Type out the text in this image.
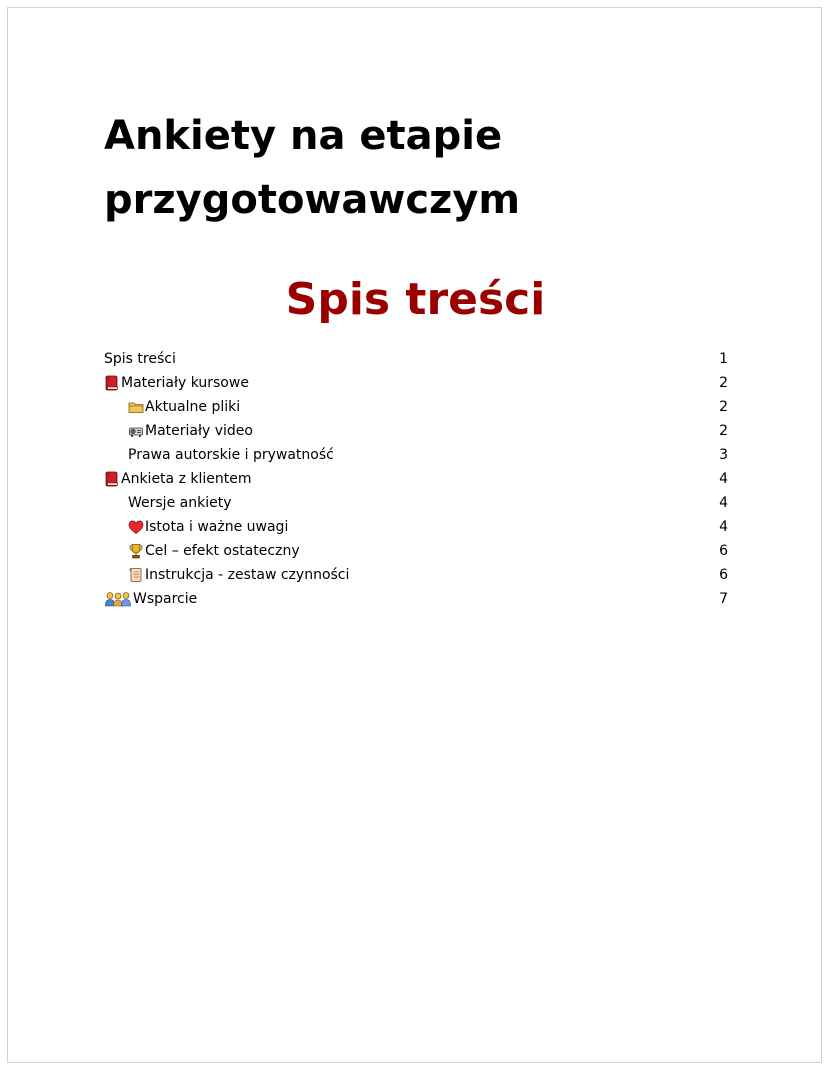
Ankiety na etapie przygotowawczym
Spis treści
Spis treści	1
Materiały kursowe	2
Aktualne pliki	2
Materiały video	2
Prawa autorskie i prywatność	3
Ankieta z klientem	4
Wersje ankiety	4
Istota i ważne uwagi	4
Cel – efekt ostateczny	6
Instrukcja - zestaw czynności	6
Wsparcie	7
